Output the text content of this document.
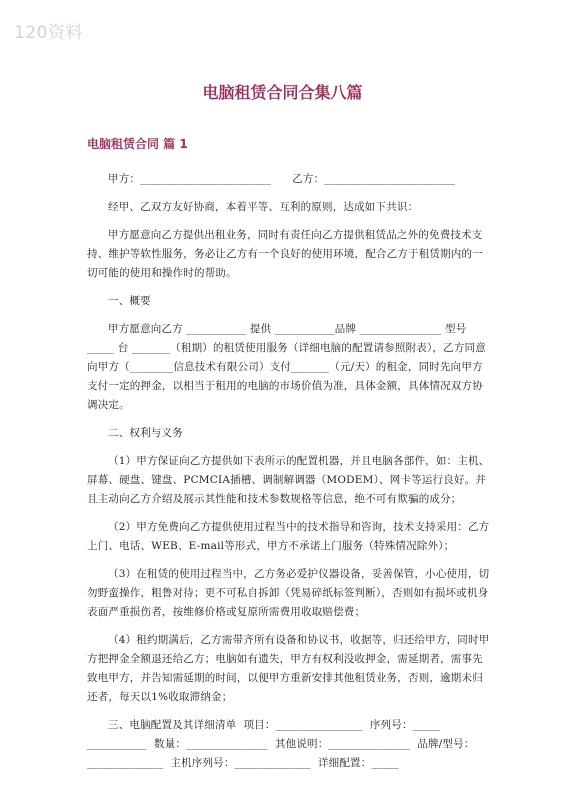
120资料
电脑租赁合同合集八篇
电脑租赁合同 篇 1

甲方：________________________      乙方：________________________

经甲、乙双方友好协商，本着平等、互利的原则，达成如下共识：

甲方愿意向乙方提供出租业务，同时有责任向乙方提供租赁品之外的免费技术支持、维护等软性服务，务必让乙方有一个良好的使用环境，配合乙方于租赁期内的一切可能的使用和操作时的帮助。

一、概要

甲方愿意向乙方 ___________ 提供 ___________品牌 _______________ 型号 _____ 台 _______（租期）的租赁使用服务（详细电脑的配置请参照附表），乙方同意向甲方（________信息技术有限公司）支付_______（元/天）的租金，同时先向甲方支付一定的押金，以相当于租用的电脑的市场价值为准，具体金额，具体情况双方协调决定。

二、权利与义务

（1）甲方保证向乙方提供如下表所示的配置机器，并且电脑各部件，如：主机、屏幕、硬盘、键盘、PCMCIA插槽、调制解调器（MODEM）、网卡等运行良好。并且主动向乙方介绍及展示其性能和技术参数规格等信息，绝不可有欺骗的成分；

（2）甲方免费向乙方提供使用过程当中的技术指导和咨询，技术支持采用：乙方上门、电话、WEB、E-mail等形式，甲方不承诺上门服务（特殊情况除外）；

（3）在租赁的使用过程当中，乙方务必爱护仪器设备，妥善保管，小心使用，切勿野蛮操作，粗鲁对待；更不可私自拆卸（凭易碎纸标签判断），否则如有损坏或机身表面严重损伤者，按维修价格或复原所需费用收取赔偿费；

（4）租约期满后，乙方需带齐所有设备和协议书，收据等，归还给甲方，同时甲方把押金全额退还给乙方；电脑如有遗失，甲方有权利没收押金，需延期者，需事先致电甲方，并告知需延期的时间，以便甲方重新安排其他租赁业务，否则，逾期未归还者，每天以1%收取滞纳金；

三、电脑配置及其详细清单  项目：________________  序列号：_____ ___________  数量：_______________  其他说明：_______________  品牌/型号：______________  主机序列号：______________  详细配置：_____
